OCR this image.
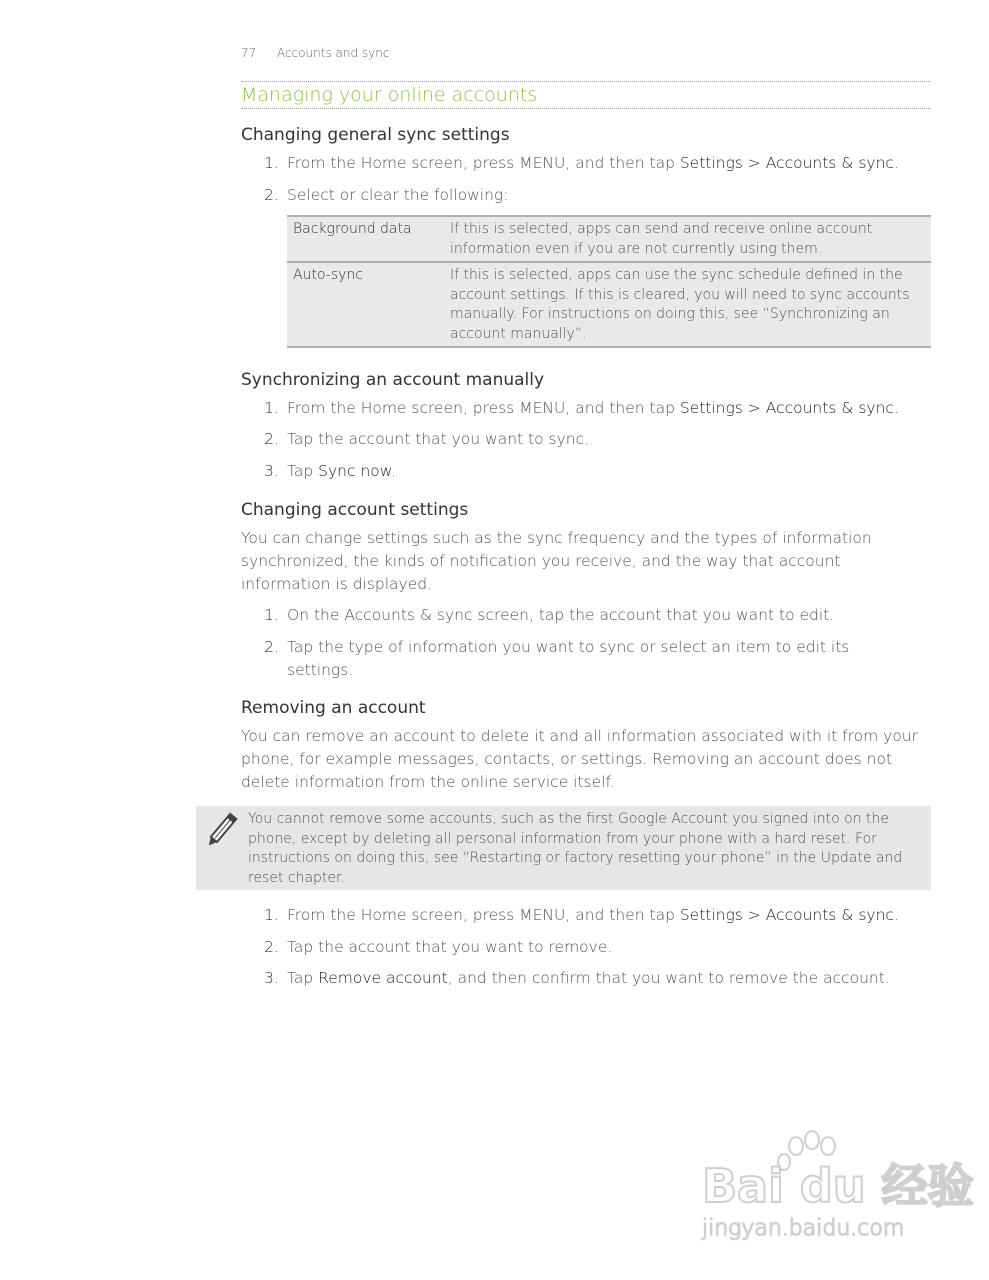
77 Accounts and sync
Managing your online accounts
Changing general sync settings
1. From the Home screen, press MENU, and then tap Settings > Accounts & sync.
2. Select or clear the following:
Background data	If this is selected, apps can send and receive online account information even if you are not currently using them.
Auto-sync	If this is selected, apps can use the sync schedule defined in the account settings. If this is cleared, you will need to sync accounts manually. For instructions on doing this, see “Synchronizing an account manually”.
Synchronizing an account manually
1. From the Home screen, press MENU, and then tap Settings > Accounts & sync.
2. Tap the account that you want to sync.
3. Tap Sync now.
Changing account settings
You can change settings such as the sync frequency and the types of information synchronized, the kinds of notification you receive, and the way that account information is displayed.
1. On the Accounts & sync screen, tap the account that you want to edit.
2. Tap the type of information you want to sync or select an item to edit its settings.
Removing an account
You can remove an account to delete it and all information associated with it from your phone, for example messages, contacts, or settings. Removing an account does not delete information from the online service itself.
1. From the Home screen, press MENU, and then tap Settings > Accounts & sync.
2. Tap the account that you want to remove.
3. Tap Remove account, and then confirm that you want to remove the account.
You cannot remove some accounts, such as the first Google Account you signed into on the phone, except by deleting all personal information from your phone with a hard reset. For instructions on doing this, see “Restarting or factory resetting your phone” in the Update and reset chapter.
Bai du 经验
jingyan.baidu.com
